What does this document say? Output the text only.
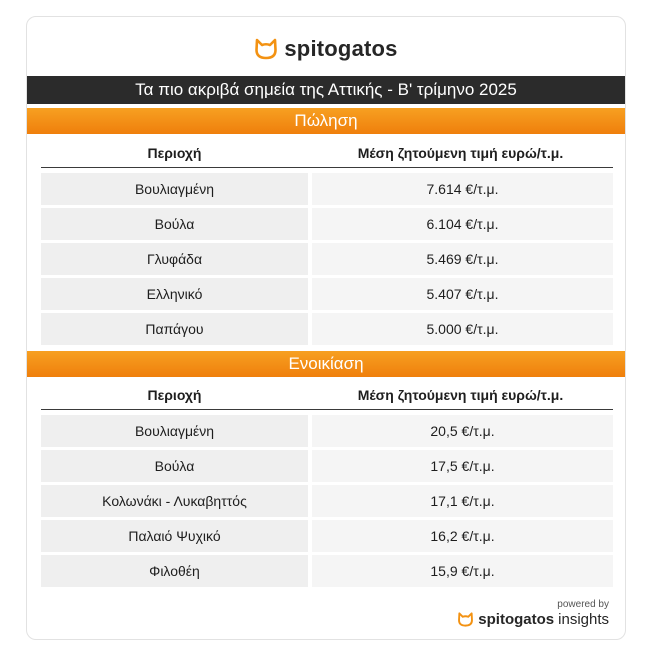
spitogatos
Τα πιο ακριβά σημεία της Αττικής - Β' τρίμηνο 2025
Πώληση
Περιοχή	Μέση ζητούμενη τιμή ευρώ/τ.μ.
Βουλιαγμένη	7.614 €/τ.μ.
Βούλα	6.104 €/τ.μ.
Γλυφάδα	5.469 €/τ.μ.
Ελληνικό	5.407 €/τ.μ.
Παπάγου	5.000 €/τ.μ.
Ενοικίαση
Περιοχή	Μέση ζητούμενη τιμή ευρώ/τ.μ.
Βουλιαγμένη	20,5 €/τ.μ.
Βούλα	17,5 €/τ.μ.
Κολωνάκι - Λυκαβηττός	17,1 €/τ.μ.
Παλαιό Ψυχικό	16,2 €/τ.μ.
Φιλοθέη	15,9 €/τ.μ.
powered by
spitogatos insights
